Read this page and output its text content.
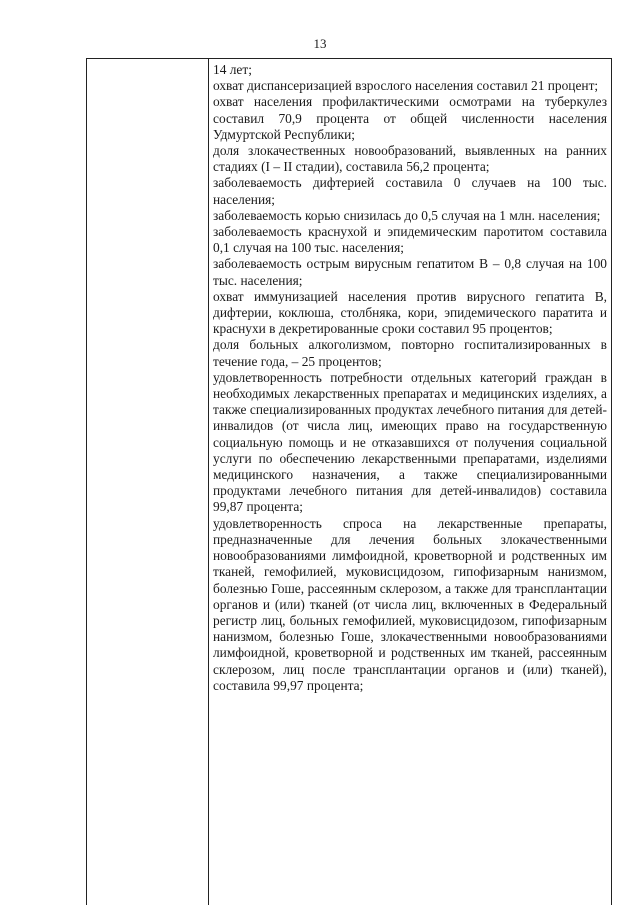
13

14 лет;

охват диспансеризацией взрослого населения составил 21 процент;

охват населения профилактическими осмотрами на туберкулез составил 70,9 процента от общей численности населения Удмуртской Республики;

доля злокачественных новообразований, выявленных на ранних стадиях (I – II стадии), составила 56,2 процента;

заболеваемость дифтерией составила 0 случаев на 100 тыс. населения;

заболеваемость корью снизилась до 0,5 случая на 1 млн. населения;

заболеваемость краснухой и эпидемическим паротитом составила 0,1 случая на 100 тыс. населения;

заболеваемость острым вирусным гепатитом В – 0,8 случая на 100 тыс. населения;

охват иммунизацией населения против вирусного гепатита В, дифтерии, коклюша, столбняка, кори, эпидемического паратита и краснухи в декретированные сроки составил 95 процентов;

доля больных алкоголизмом, повторно госпитализированных в течение года, – 25 процентов;

удовлетворенность потребности отдельных категорий граждан в необходимых лекарственных препаратах и медицинских изделиях, а также специализированных продуктах лечебного питания для детей-инвалидов (от числа лиц, имеющих право на государственную социальную помощь и не отказавшихся от получения социальной услуги по обеспечению лекарственными препаратами, изделиями медицинского назначения, а также специализированными продуктами лечебного питания для детей-инвалидов) составила 99,87 процента;

удовлетворенность спроса на лекарственные препараты, предназначенные для лечения больных злокачественными новообразованиями лимфоидной, кроветворной и родственных им тканей, гемофилией, муковисцидозом, гипофизарным нанизмом, болезнью Гоше, рассеянным склерозом, а также для трансплантации органов и (или) тканей (от числа лиц, включенных в Федеральный регистр лиц, больных гемофилией, муковисцидозом, гипофизарным нанизмом, болезнью Гоше, злокачественными новообразованиями лимфоидной, кроветворной и родственных им тканей, рассеянным склерозом, лиц после трансплантации органов и (или) тканей), составила 99,97 процента;
